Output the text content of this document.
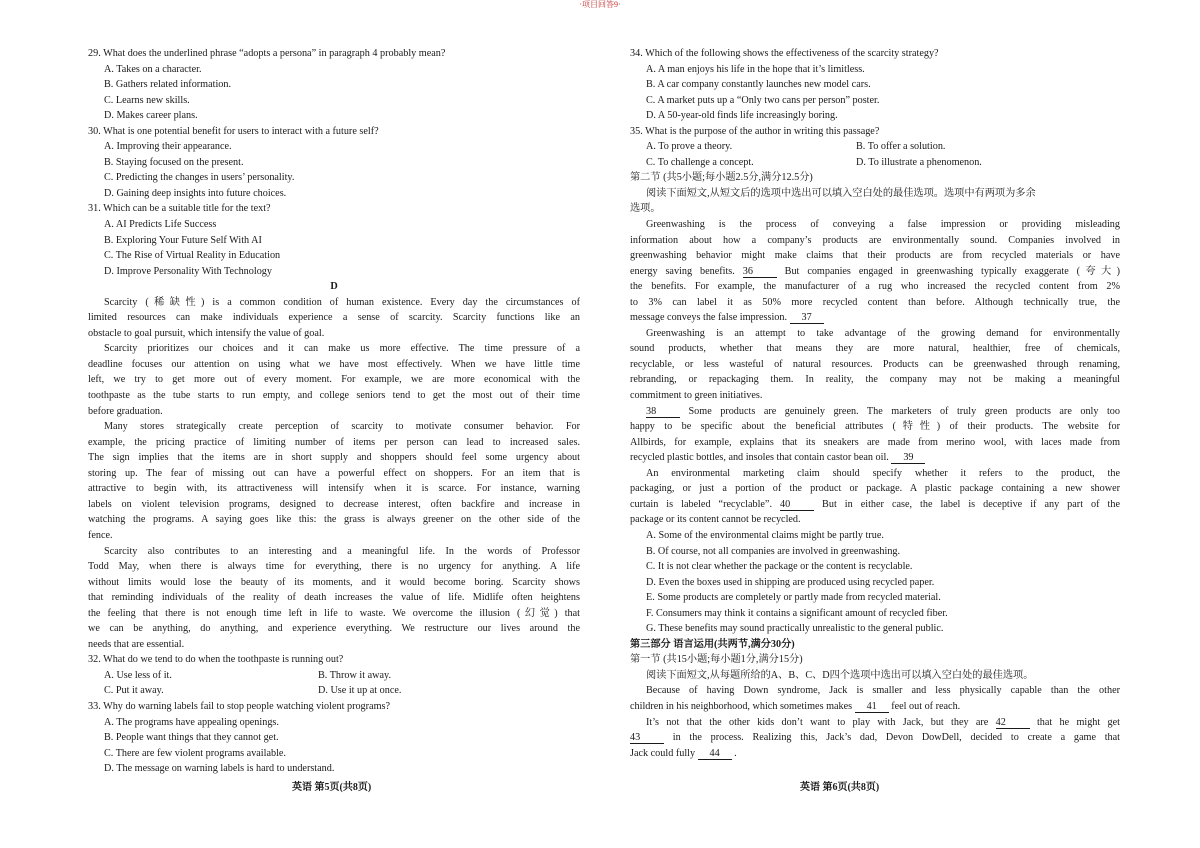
·项目回答9·
29. What does the underlined phrase “adopts a persona” in paragraph 4 probably mean?
A. Takes on a character.
B. Gathers related information.
C. Learns new skills.
D. Makes career plans.
30. What is one potential benefit for users to interact with a future self?
A. Improving their appearance.
B. Staying focused on the present.
C. Predicting the changes in users’ personality.
D. Gaining deep insights into future choices.
31. Which can be a suitable title for the text?
A. AI Predicts Life Success
B. Exploring Your Future Self With AI
C. The Rise of Virtual Reality in Education
D. Improve Personality With Technology
D
Scarcity (稀缺性) is a common condition of human existence. Every day the circumstances of
limited resources can make individuals experience a sense of scarcity. Scarcity functions like an
obstacle to goal pursuit, which intensify the value of goal.
Scarcity prioritizes our choices and it can make us more effective. The time pressure of a
deadline focuses our attention on using what we have most effectively. When we have little time
left, we try to get more out of every moment. For example, we are more economical with the
toothpaste as the tube starts to run empty, and college seniors tend to get the most out of their time
before graduation.
Many stores strategically create perception of scarcity to motivate consumer behavior. For
example, the pricing practice of limiting number of items per person can lead to increased sales.
The sign implies that the items are in short supply and shoppers should feel some urgency about
storing up. The fear of missing out can have a powerful effect on shoppers. For an item that is
attractive to begin with, its attractiveness will intensify when it is scarce. For instance, warning
labels on violent television programs, designed to decrease interest, often backfire and increase in
watching the programs. A saying goes like this: the grass is always greener on the other side of the
fence.
Scarcity also contributes to an interesting and a meaningful life. In the words of Professor
Todd May, when there is always time for everything, there is no urgency for anything. A life
without limits would lose the beauty of its moments, and it would become boring. Scarcity shows
that reminding individuals of the reality of death increases the value of life. Midlife often heightens
the feeling that there is not enough time left in life to waste. We overcome the illusion (幻觉) that
we can be anything, do anything, and experience everything. We restructure our lives around the
needs that are essential.
32. What do we tend to do when the toothpaste is running out?
A. Use less of it.	B. Throw it away.
C. Put it away.	D. Use it up at once.
33. Why do warning labels fail to stop people watching violent programs?
A. The programs have appealing openings.
B. People want things that they cannot get.
C. There are few violent programs available.
D. The message on warning labels is hard to understand.
34. Which of the following shows the effectiveness of the scarcity strategy?
A. A man enjoys his life in the hope that it’s limitless.
B. A car company constantly launches new model cars.
C. A market puts up a “Only two cans per person” poster.
D. A 50-year-old finds life increasingly boring.
35. What is the purpose of the author in writing this passage?
A. To prove a theory.	B. To offer a solution.
C. To challenge a concept.	D. To illustrate a phenomenon.
第二节 (共5小题;每小题2.5分,满分12.5分)
阅读下面短文,从短文后的选项中选出可以填入空白处的最佳选项。选项中有两项为多余
选项。
Greenwashing is the process of conveying a false impression or providing misleading
information about how a company’s products are environmentally sound. Companies involved in
greenwashing behavior might make claims that their products are from recycled materials or have
energy saving benefits. 36 But companies engaged in greenwashing typically exaggerate (夸大)
the benefits. For example, the manufacturer of a rug who increased the recycled content from 2%
to 3% can label it as 50% more recycled content than before. Although technically true, the
message conveys the false impression. 37
Greenwashing is an attempt to take advantage of the growing demand for environmentally
sound products, whether that means they are more natural, healthier, free of chemicals,
recyclable, or less wasteful of natural resources. Products can be greenwashed through renaming,
rebranding, or repackaging them. In reality, the company may not be making a meaningful
commitment to green initiatives.
38 Some products are genuinely green. The marketers of truly green products are only too
happy to be specific about the beneficial attributes (特性) of their products. The website for
Allbirds, for example, explains that its sneakers are made from merino wool, with laces made from
recycled plastic bottles, and insoles that contain castor bean oil. 39
An environmental marketing claim should specify whether it refers to the product, the
packaging, or just a portion of the product or package. A plastic package containing a new shower
curtain is labeled “recyclable”. 40 But in either case, the label is deceptive if any part of the
package or its content cannot be recycled.
A. Some of the environmental claims might be partly true.
B. Of course, not all companies are involved in greenwashing.
C. It is not clear whether the package or the content is recyclable.
D. Even the boxes used in shipping are produced using recycled paper.
E. Some products are completely or partly made from recycled material.
F. Consumers may think it contains a significant amount of recycled fiber.
G. These benefits may sound practically unrealistic to the general public.
第三部分 语言运用(共两节,满分30分)
第一节 (共15小题;每小题1分,满分15分)
阅读下面短文,从每题所给的A、B、C、D四个选项中选出可以填入空白处的最佳选项。
Because of having Down syndrome, Jack is smaller and less physically capable than the other
children in his neighborhood, which sometimes makes 41 feel out of reach.
It’s not that the other kids don’t want to play with Jack, but they are 42 that he might get
43 in the process. Realizing this, Jack’s dad, Devon DowDell, decided to create a game that
Jack could fully 44 .
英语 第5页(共8页)	英语 第6页(共8页)
